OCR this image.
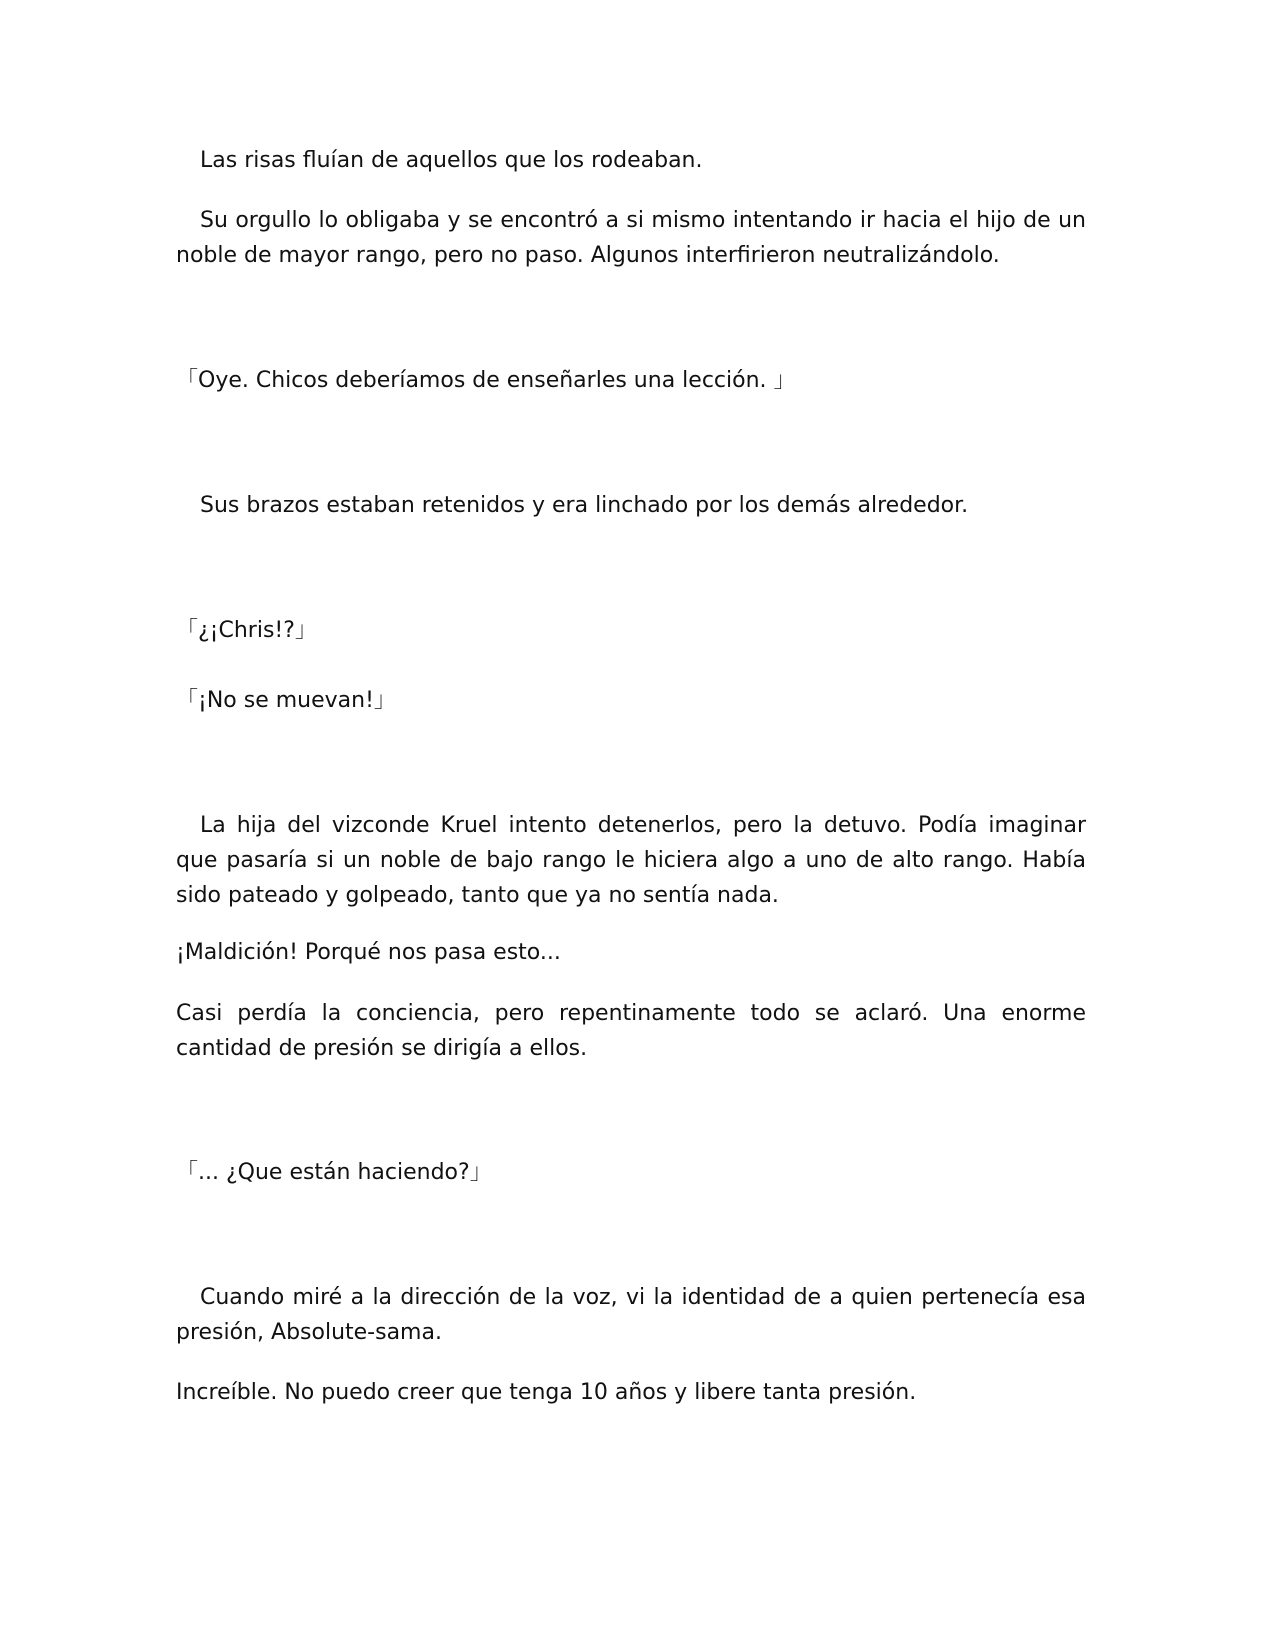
Las risas fluían de aquellos que los rodeaban.

Su orgullo lo obligaba y se encontró a si mismo intentando ir hacia el hijo de un noble de mayor rango, pero no paso. Algunos interfirieron neutralizándolo.

「Oye. Chicos deberíamos de enseñarles una lección. 」

Sus brazos estaban retenidos y era linchado por los demás alrededor.

「¿¡Chris!?」

「¡No se muevan!」

La hija del vizconde Kruel intento detenerlos, pero la detuvo. Podía imaginar que pasaría si un noble de bajo rango le hiciera algo a uno de alto rango. Había sido pateado y golpeado, tanto que ya no sentía nada.

¡Maldición! Porqué nos pasa esto...

Casi perdía la conciencia, pero repentinamente todo se aclaró. Una enorme cantidad de presión se dirigía a ellos.

「... ¿Que están haciendo?」

Cuando miré a la dirección de la voz, vi la identidad de a quien pertenecía esa presión, Absolute-sama.

Increíble. No puedo creer que tenga 10 años y libere tanta presión.
